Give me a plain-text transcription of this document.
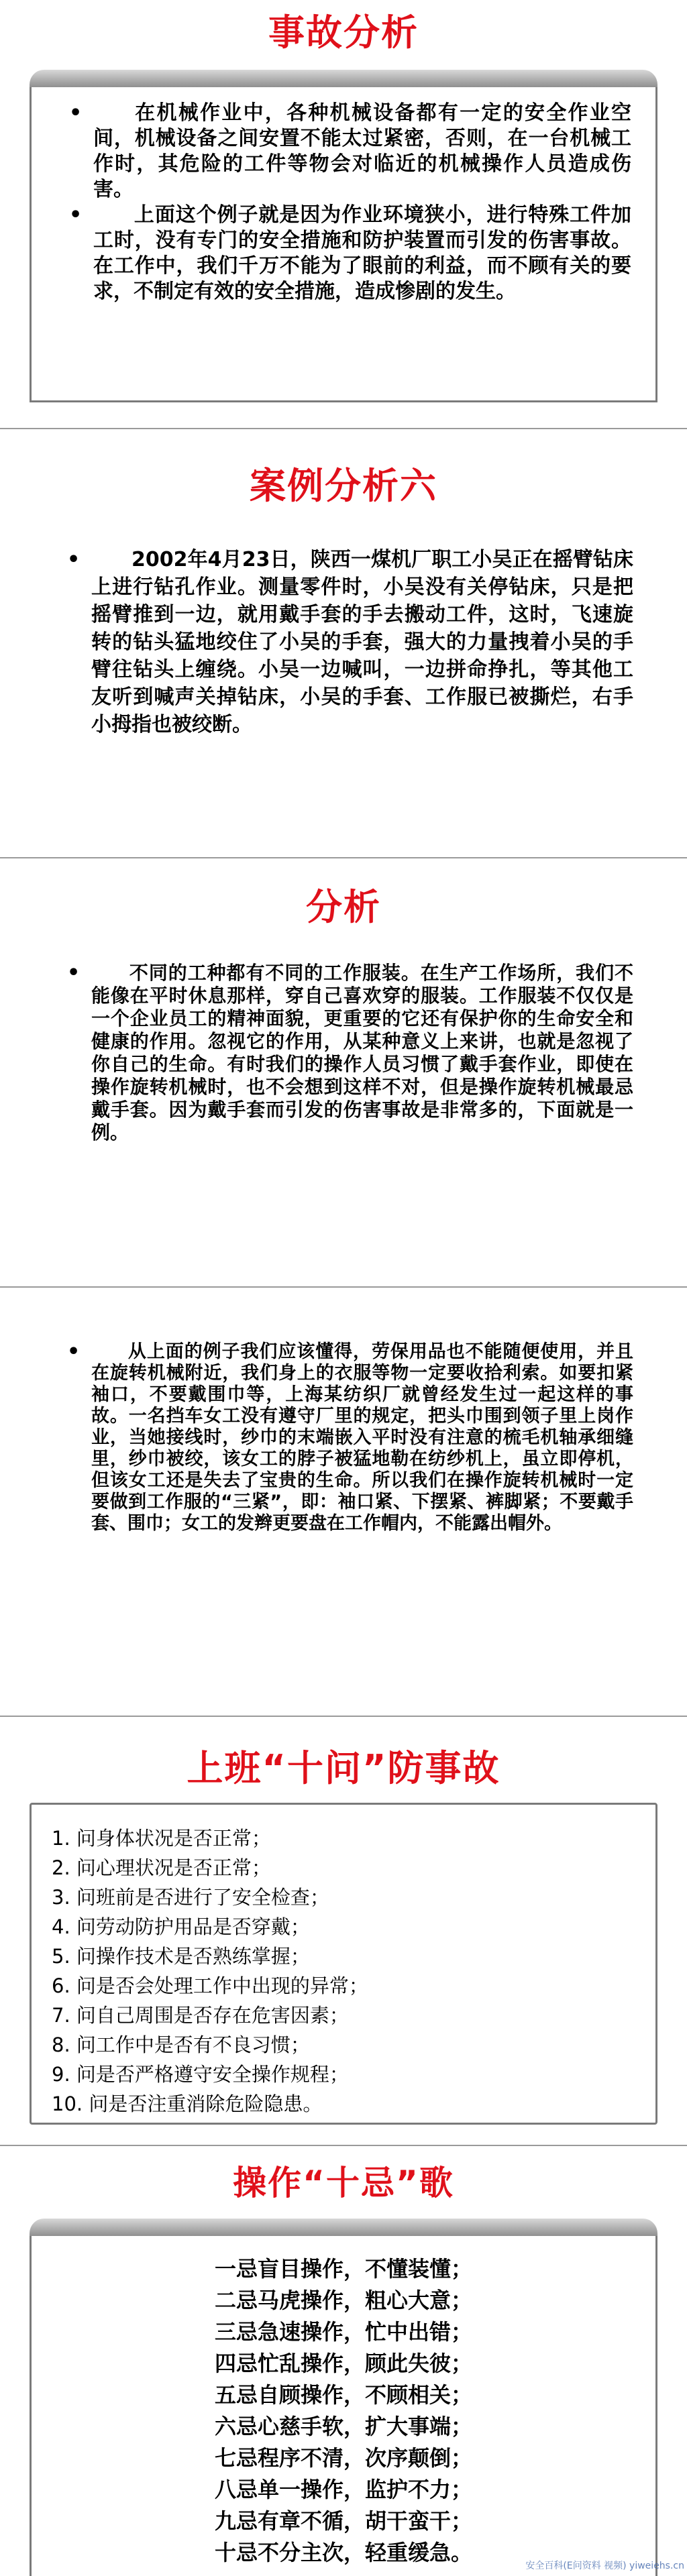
事故分析

•	在机械作业中，各种机械设备都有一定的安全作业空间，机械设备之间安置不能太过紧密，否则，在一台机械工作时，其危险的工件等物会对临近的机械操作人员造成伤害。

•	上面这个例子就是因为作业环境狭小，进行特殊工件加工时，没有专门的安全措施和防护装置而引发的伤害事故。在工作中，我们千万不能为了眼前的利益，而不顾有关的要求，不制定有效的安全措施，造成惨剧的发生。

案例分析六

•	2002年4月23日，陕西一煤机厂职工小吴正在摇臂钻床上进行钻孔作业。测量零件时，小吴没有关停钻床，只是把摇臂推到一边，就用戴手套的手去搬动工件，这时，飞速旋转的钻头猛地绞住了小吴的手套，强大的力量拽着小吴的手臂往钻头上缠绕。小吴一边喊叫，一边拼命挣扎，等其他工友听到喊声关掉钻床，小吴的手套、工作服已被撕烂，右手小拇指也被绞断。

分析

•	不同的工种都有不同的工作服装。在生产工作场所，我们不能像在平时休息那样，穿自己喜欢穿的服装。工作服装不仅仅是一个企业员工的精神面貌，更重要的它还有保护你的生命安全和健康的作用。忽视它的作用，从某种意义上来讲，也就是忽视了你自己的生命。有时我们的操作人员习惯了戴手套作业，即使在操作旋转机械时，也不会想到这样不对，但是操作旋转机械最忌戴手套。因为戴手套而引发的伤害事故是非常多的，下面就是一例。

•	从上面的例子我们应该懂得，劳保用品也不能随便使用，并且在旋转机械附近，我们身上的衣服等物一定要收拾利索。如要扣紧袖口，不要戴围巾等，上海某纺织厂就曾经发生过一起这样的事故。一名挡车女工没有遵守厂里的规定，把头巾围到领子里上岗作业，当她接线时，纱巾的末端嵌入平时没有注意的梳毛机轴承细缝里，纱巾被绞，该女工的脖子被猛地勒在纺纱机上，虽立即停机，但该女工还是失去了宝贵的生命。所以我们在操作旋转机械时一定要做到工作服的“三紧”，即：袖口紧、下摆紧、裤脚紧；不要戴手套、围巾；女工的发辫更要盘在工作帽内，不能露出帽外。

上班“十问”防事故
1. 问身体状况是否正常；
2. 问心理状况是否正常；
3. 问班前是否进行了安全检查；
4. 问劳动防护用品是否穿戴；
5. 问操作技术是否熟练掌握；
6. 问是否会处理工作中出现的异常；
7. 问自己周围是否存在危害因素；
8. 问工作中是否有不良习惯；
9. 问是否严格遵守安全操作规程；
10. 问是否注重消除危险隐患。
操作“十忌”歌
一忌盲目操作，不懂装懂；
二忌马虎操作，粗心大意；
三忌急速操作，忙中出错；
四忌忙乱操作，顾此失彼；
五忌自顾操作，不顾相关；
六忌心慈手软，扩大事端；
七忌程序不清，次序颠倒；
八忌单一操作，监护不力；
九忌有章不循，胡干蛮干；
十忌不分主次，轻重缓急。
安全百科(E问资料 视频) yiweiehs.cn
